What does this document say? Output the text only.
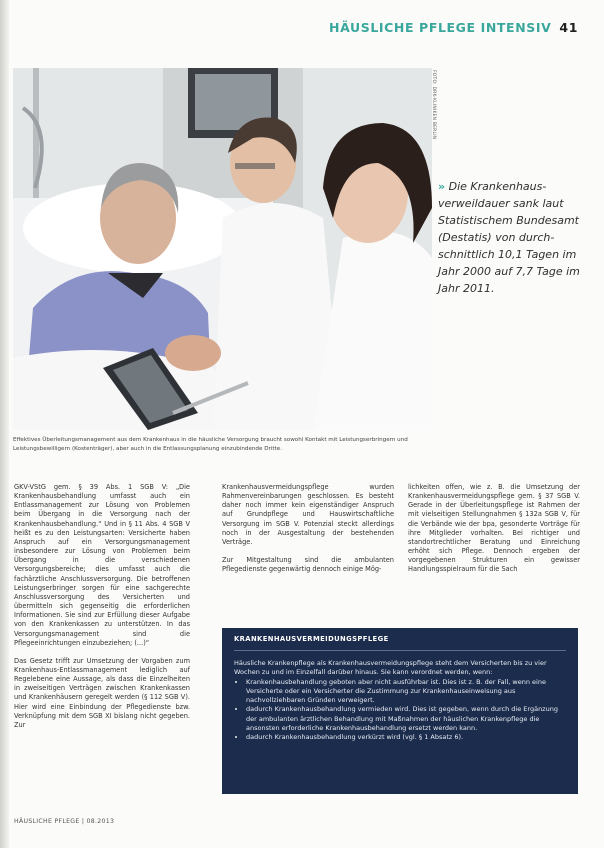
HÄUSLICHE PFLEGE INTENSIV 41
FOTO: DRK-KLINIKEN BERLIN
» Die Krankenhaus-verweildauer sank laut Statistischem Bundesamt (Destatis) von durch-schnittlich 10,1 Tagen im Jahr 2000 auf 7,7 Tage im Jahr 2011.
Effektives Überleitungsmanagement aus dem Krankenhaus in die häusliche Versorgung braucht sowohl Kontakt mit Leistungserbringern und Leistungsbewilligern (Kostenträger), aber auch in die Entlassungsplanung einzubindende Dritte.

GKV-VStG gem. § 39 Abs. 1 SGB V: „Die Krankenhausbehandlung umfasst auch ein Entlassmanagement zur Lösung von Problemen beim Übergang in die Versorgung nach der Krankenhausbehandlung.“ Und in § 11 Abs. 4 SGB V heißt es zu den Leistungsarten: Versicherte haben Anspruch auf ein Versorgungsmanagement insbesondere zur Lösung von Problemen beim Übergang in die verschiedenen Versorgungsbereiche; dies umfasst auch die fachärztliche Anschlussversorgung. Die betroffenen Leistungserbringer sorgen für eine sachgerechte Anschlussversorgung des Versicherten und übermitteln sich gegenseitig die erforderlichen Informationen. Sie sind zur Erfüllung dieser Aufgabe von den Krankenkassen zu unterstützen. In das Versorgungsmanagement sind die Pflegeeinrichtungen einzubeziehen; (...)“

Das Gesetz trifft zur Umsetzung der Vorgaben zum Krankenhaus-Entlassmanagement lediglich auf Regelebene eine Aussage, als dass die Einzelheiten in zweiseitigen Verträgen zwischen Krankenkassen und Krankenhäusern geregelt werden (§ 112 SGB V). Hier wird eine Einbindung der Pflegedienste bzw. Verknüpfung mit dem SGB XI bislang nicht gegeben. Zur

Krankenhausvermeidungspflege wurden Rahmenvereinbarungen geschlossen. Es besteht daher noch immer kein eigenständiger Anspruch auf Grundpflege und Hauswirtschaftliche Versorgung im SGB V. Potenzial steckt allerdings noch in der Ausgestaltung der bestehenden Verträge.

Zur Mitgestaltung sind die ambulanten Pflegedienste gegenwärtig dennoch einige Mög-

lichkeiten offen, wie z. B. die Umsetzung der Krankenhausvermeidungspflege gem. § 37 SGB V. Gerade in der Überleitungspflege ist Rahmen der mit vielseitigen Stellungnahmen § 132a SGB V, für die Verbände wie der bpa, gesonderte Vorträge für ihre Mitglieder vorhalten. Bei richtiger und standortrechtlicher Beratung und Einreichung erhöht sich Pflege. Dennoch ergeben der vorgegebenen Strukturen ein gewisser Handlungsspielraum für die Sach

KRANKENHAUSVERMEIDUNGSPFLEGE

Häusliche Krankenpflege als Krankenhausvermeidungspflege steht dem Versicherten bis zu vier Wochen zu und im Einzelfall darüber hinaus. Sie kann verordnet werden, wenn:

• Krankenhausbehandlung geboten aber nicht ausführbar ist. Dies ist z. B. der Fall, wenn eine Versicherte oder ein Versicherter die Zustimmung zur Krankenhauseinweisung aus nachvollziehbaren Gründen verweigert.
• dadurch Krankenhausbehandlung vermieden wird. Dies ist gegeben, wenn durch die Ergänzung der ambulanten ärztlichen Behandlung mit Maßnahmen der häuslichen Krankenpflege die ansonsten erforderliche Krankenhausbehandlung ersetzt werden kann.
• dadurch Krankenhausbehandlung verkürzt wird (vgl. § 1 Absatz 6).
HÄUSLICHE PFLEGE | 08.2013
